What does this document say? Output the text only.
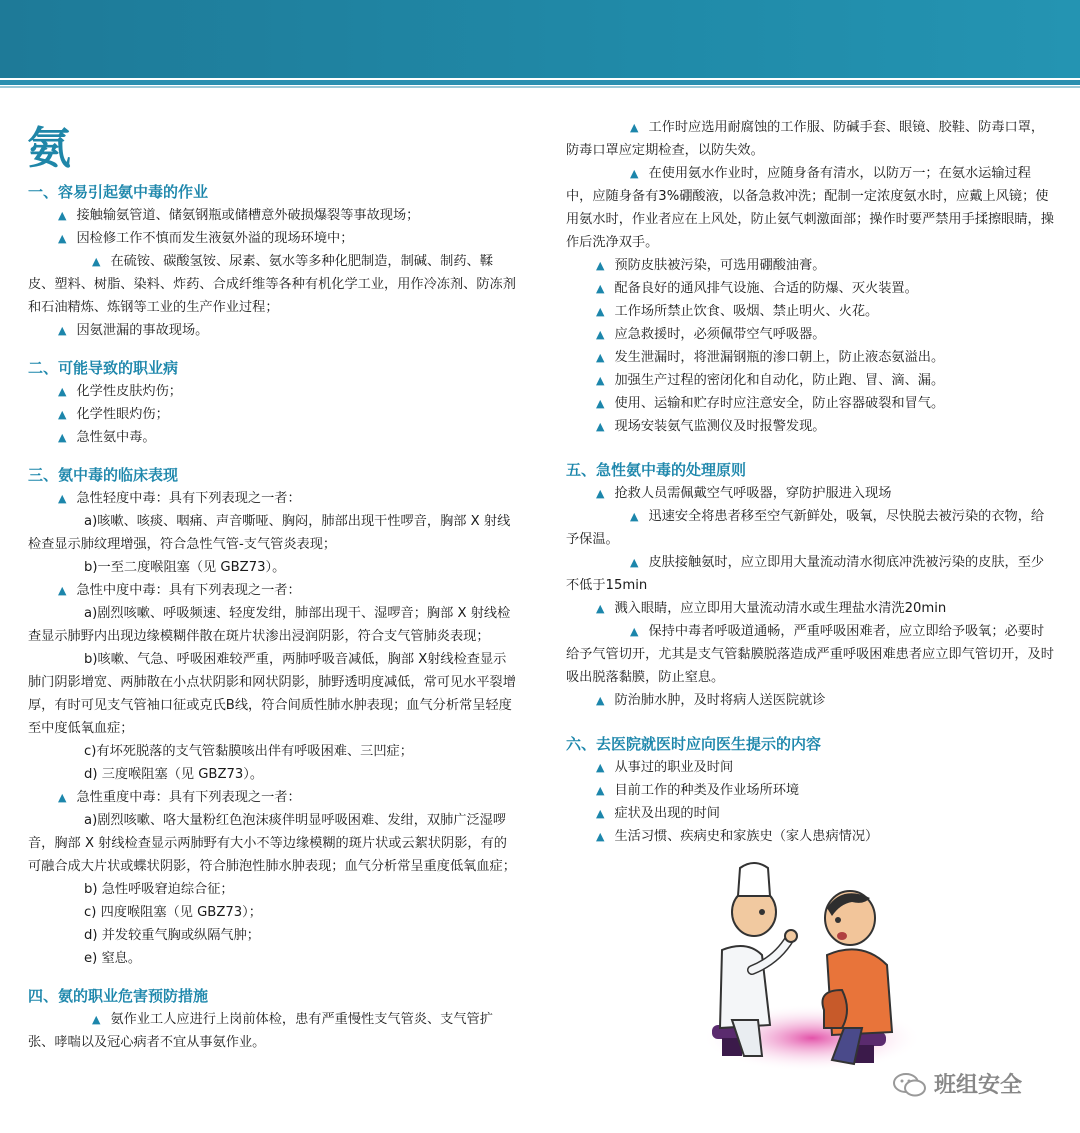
氨
一、容易引起氨中毒的作业
▲ 接触输氨管道、储氨钢瓶或储槽意外破损爆裂等事故现场；
▲ 因检修工作不慎而发生液氨外溢的现场环境中；
▲ 在硫铵、碳酸氢铵、尿素、氨水等多种化肥制造，制碱、制药、鞣皮、塑料、树脂、染料、炸药、合成纤维等各种有机化学工业，用作冷冻剂、防冻剂和石油精炼、炼钢等工业的生产作业过程；
▲ 因氨泄漏的事故现场。
二、可能导致的职业病
▲ 化学性皮肤灼伤；
▲ 化学性眼灼伤；
▲ 急性氨中毒。
三、氨中毒的临床表现
▲ 急性轻度中毒：具有下列表现之一者：
a)咳嗽、咳痰、咽痛、声音嘶哑、胸闷，肺部出现干性啰音，胸部 X 射线检查显示肺纹理增强，符合急性气管-支气管炎表现；
b)一至二度喉阻塞（见 GBZ73）。
▲ 急性中度中毒：具有下列表现之一者：
a)剧烈咳嗽、呼吸频速、轻度发绀，肺部出现干、湿啰音；胸部 X 射线检查显示肺野内出现边缘模糊伴散在斑片状渗出浸润阴影，符合支气管肺炎表现；
b)咳嗽、气急、呼吸困难较严重，两肺呼吸音减低，胸部 X射线检查显示肺门阴影增宽、两肺散在小点状阴影和网状阴影，肺野透明度减低，常可见水平裂增厚，有时可见支气管袖口征或克氏B线，符合间质性肺水肿表现；血气分析常呈轻度至中度低氧血症；
c)有坏死脱落的支气管黏膜咳出伴有呼吸困难、三凹症；
d) 三度喉阻塞（见 GBZ73）。
▲ 急性重度中毒：具有下列表现之一者：
a)剧烈咳嗽、咯大量粉红色泡沫痰伴明显呼吸困难、发绀，双肺广泛湿啰音，胸部 X 射线检查显示两肺野有大小不等边缘模糊的斑片状或云絮状阴影，有的可融合成大片状或蝶状阴影，符合肺泡性肺水肿表现；血气分析常呈重度低氧血症；
b) 急性呼吸窘迫综合征；
c) 四度喉阻塞（见 GBZ73）；
d) 并发较重气胸或纵隔气肿；
e) 窒息。
四、氨的职业危害预防措施
▲ 氨作业工人应进行上岗前体检，患有严重慢性支气管炎、支气管扩张、哮喘以及冠心病者不宜从事氨作业。
▲ 工作时应选用耐腐蚀的工作服、防碱手套、眼镜、胶鞋、防毒口罩，防毒口罩应定期检查，以防失效。
▲ 在使用氨水作业时，应随身备有清水，以防万一；在氨水运输过程中，应随身备有3%硼酸液，以备急救冲洗；配制一定浓度氨水时，应戴上风镜；使用氨水时，作业者应在上风处，防止氨气刺激面部；操作时要严禁用手揉擦眼睛，操作后洗净双手。
▲ 预防皮肤被污染，可选用硼酸油膏。
▲ 配备良好的通风排气设施、合适的防爆、灭火装置。
▲ 工作场所禁止饮食、吸烟、禁止明火、火花。
▲ 应急救援时，必须佩带空气呼吸器。
▲ 发生泄漏时，将泄漏钢瓶的渗口朝上，防止液态氨溢出。
▲ 加强生产过程的密闭化和自动化，防止跑、冒、滴、漏。
▲ 使用、运输和贮存时应注意安全，防止容器破裂和冒气。
▲ 现场安装氨气监测仪及时报警发现。
五、急性氨中毒的处理原则
▲ 抢救人员需佩戴空气呼吸器，穿防护服进入现场
▲ 迅速安全将患者移至空气新鲜处，吸氧，尽快脱去被污染的衣物，给予保温。
▲ 皮肤接触氨时，应立即用大量流动清水彻底冲洗被污染的皮肤，至少不低于15min
▲ 溅入眼睛，应立即用大量流动清水或生理盐水清洗20min
▲ 保持中毒者呼吸道通畅，严重呼吸困难者，应立即给予吸氧；必要时给予气管切开，尤其是支气管黏膜脱落造成严重呼吸困难患者应立即气管切开，及时吸出脱落黏膜，防止窒息。
▲ 防治肺水肿，及时将病人送医院就诊
六、去医院就医时应向医生提示的内容
▲ 从事过的职业及时间
▲ 目前工作的种类及作业场所环境
▲ 症状及出现的时间
▲ 生活习惯、疾病史和家族史（家人患病情况）
班组安全
